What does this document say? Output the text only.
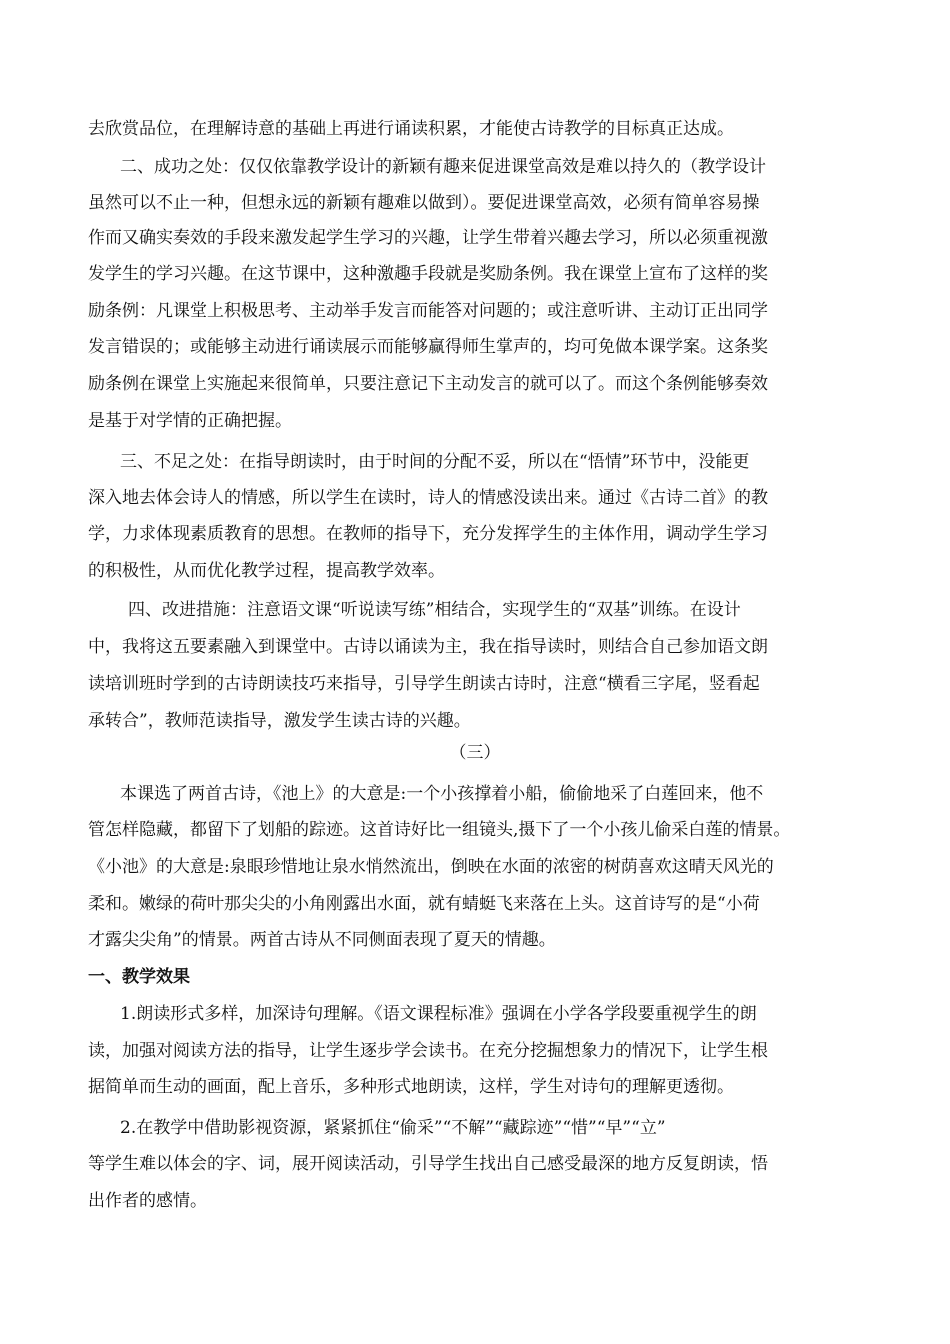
去欣赏品位，在理解诗意的基础上再进行诵读积累，才能使古诗教学的目标真正达成。
二、成功之处：仅仅依靠教学设计的新颖有趣来促进课堂高效是难以持久的（教学设计
虽然可以不止一种，但想永远的新颖有趣难以做到）。要促进课堂高效，必须有简单容易操
作而又确实奏效的手段来激发起学生学习的兴趣，让学生带着兴趣去学习，所以必须重视激
发学生的学习兴趣。在这节课中，这种激趣手段就是奖励条例。我在课堂上宣布了这样的奖
励条例：凡课堂上积极思考、主动举手发言而能答对问题的；或注意听讲、主动订正出同学
发言错误的；或能够主动进行诵读展示而能够赢得师生掌声的，均可免做本课学案。这条奖
励条例在课堂上实施起来很简单，只要注意记下主动发言的就可以了。而这个条例能够奏效
是基于对学情的正确把握。
三、不足之处：在指导朗读时，由于时间的分配不妥，所以在“悟情”环节中，没能更
深入地去体会诗人的情感，所以学生在读时，诗人的情感没读出来。通过《古诗二首》的教
学，力求体现素质教育的思想。在教师的指导下，充分发挥学生的主体作用，调动学生学习
的积极性，从而优化教学过程，提高教学效率。
四、改进措施：注意语文课“听说读写练”相结合，实现学生的“双基”训练。在设计
中，我将这五要素融入到课堂中。古诗以诵读为主，我在指导读时，则结合自己参加语文朗
读培训班时学到的古诗朗读技巧来指导，引导学生朗读古诗时，注意“横看三字尾，竖看起
承转合”，教师范读指导，激发学生读古诗的兴趣。
（三）
本课选了两首古诗，《池上》的大意是:一个小孩撑着小船，偷偷地采了白莲回来，他不
管怎样隐藏，都留下了划船的踪迹。这首诗好比一组镜头,摄下了一个小孩儿偷采白莲的情景。
《小池》的大意是:泉眼珍惜地让泉水悄然流出，倒映在水面的浓密的树荫喜欢这晴天风光的
柔和。嫩绿的荷叶那尖尖的小角刚露出水面，就有蜻蜓飞来落在上头。这首诗写的是“小荷
才露尖尖角”的情景。两首古诗从不同侧面表现了夏天的情趣。
一、教学效果
1.朗读形式多样，加深诗句理解。《语文课程标准》强调在小学各学段要重视学生的朗
读，加强对阅读方法的指导，让学生逐步学会读书。在充分挖掘想象力的情况下，让学生根
据简单而生动的画面，配上音乐，多种形式地朗读，这样，学生对诗句的理解更透彻。
2.在教学中借助影视资源，紧紧抓住“偷采”“不解”“藏踪迹”“惜”“早”“立”
等学生难以体会的字、词，展开阅读活动，引导学生找出自己感受最深的地方反复朗读，悟
出作者的感情。
